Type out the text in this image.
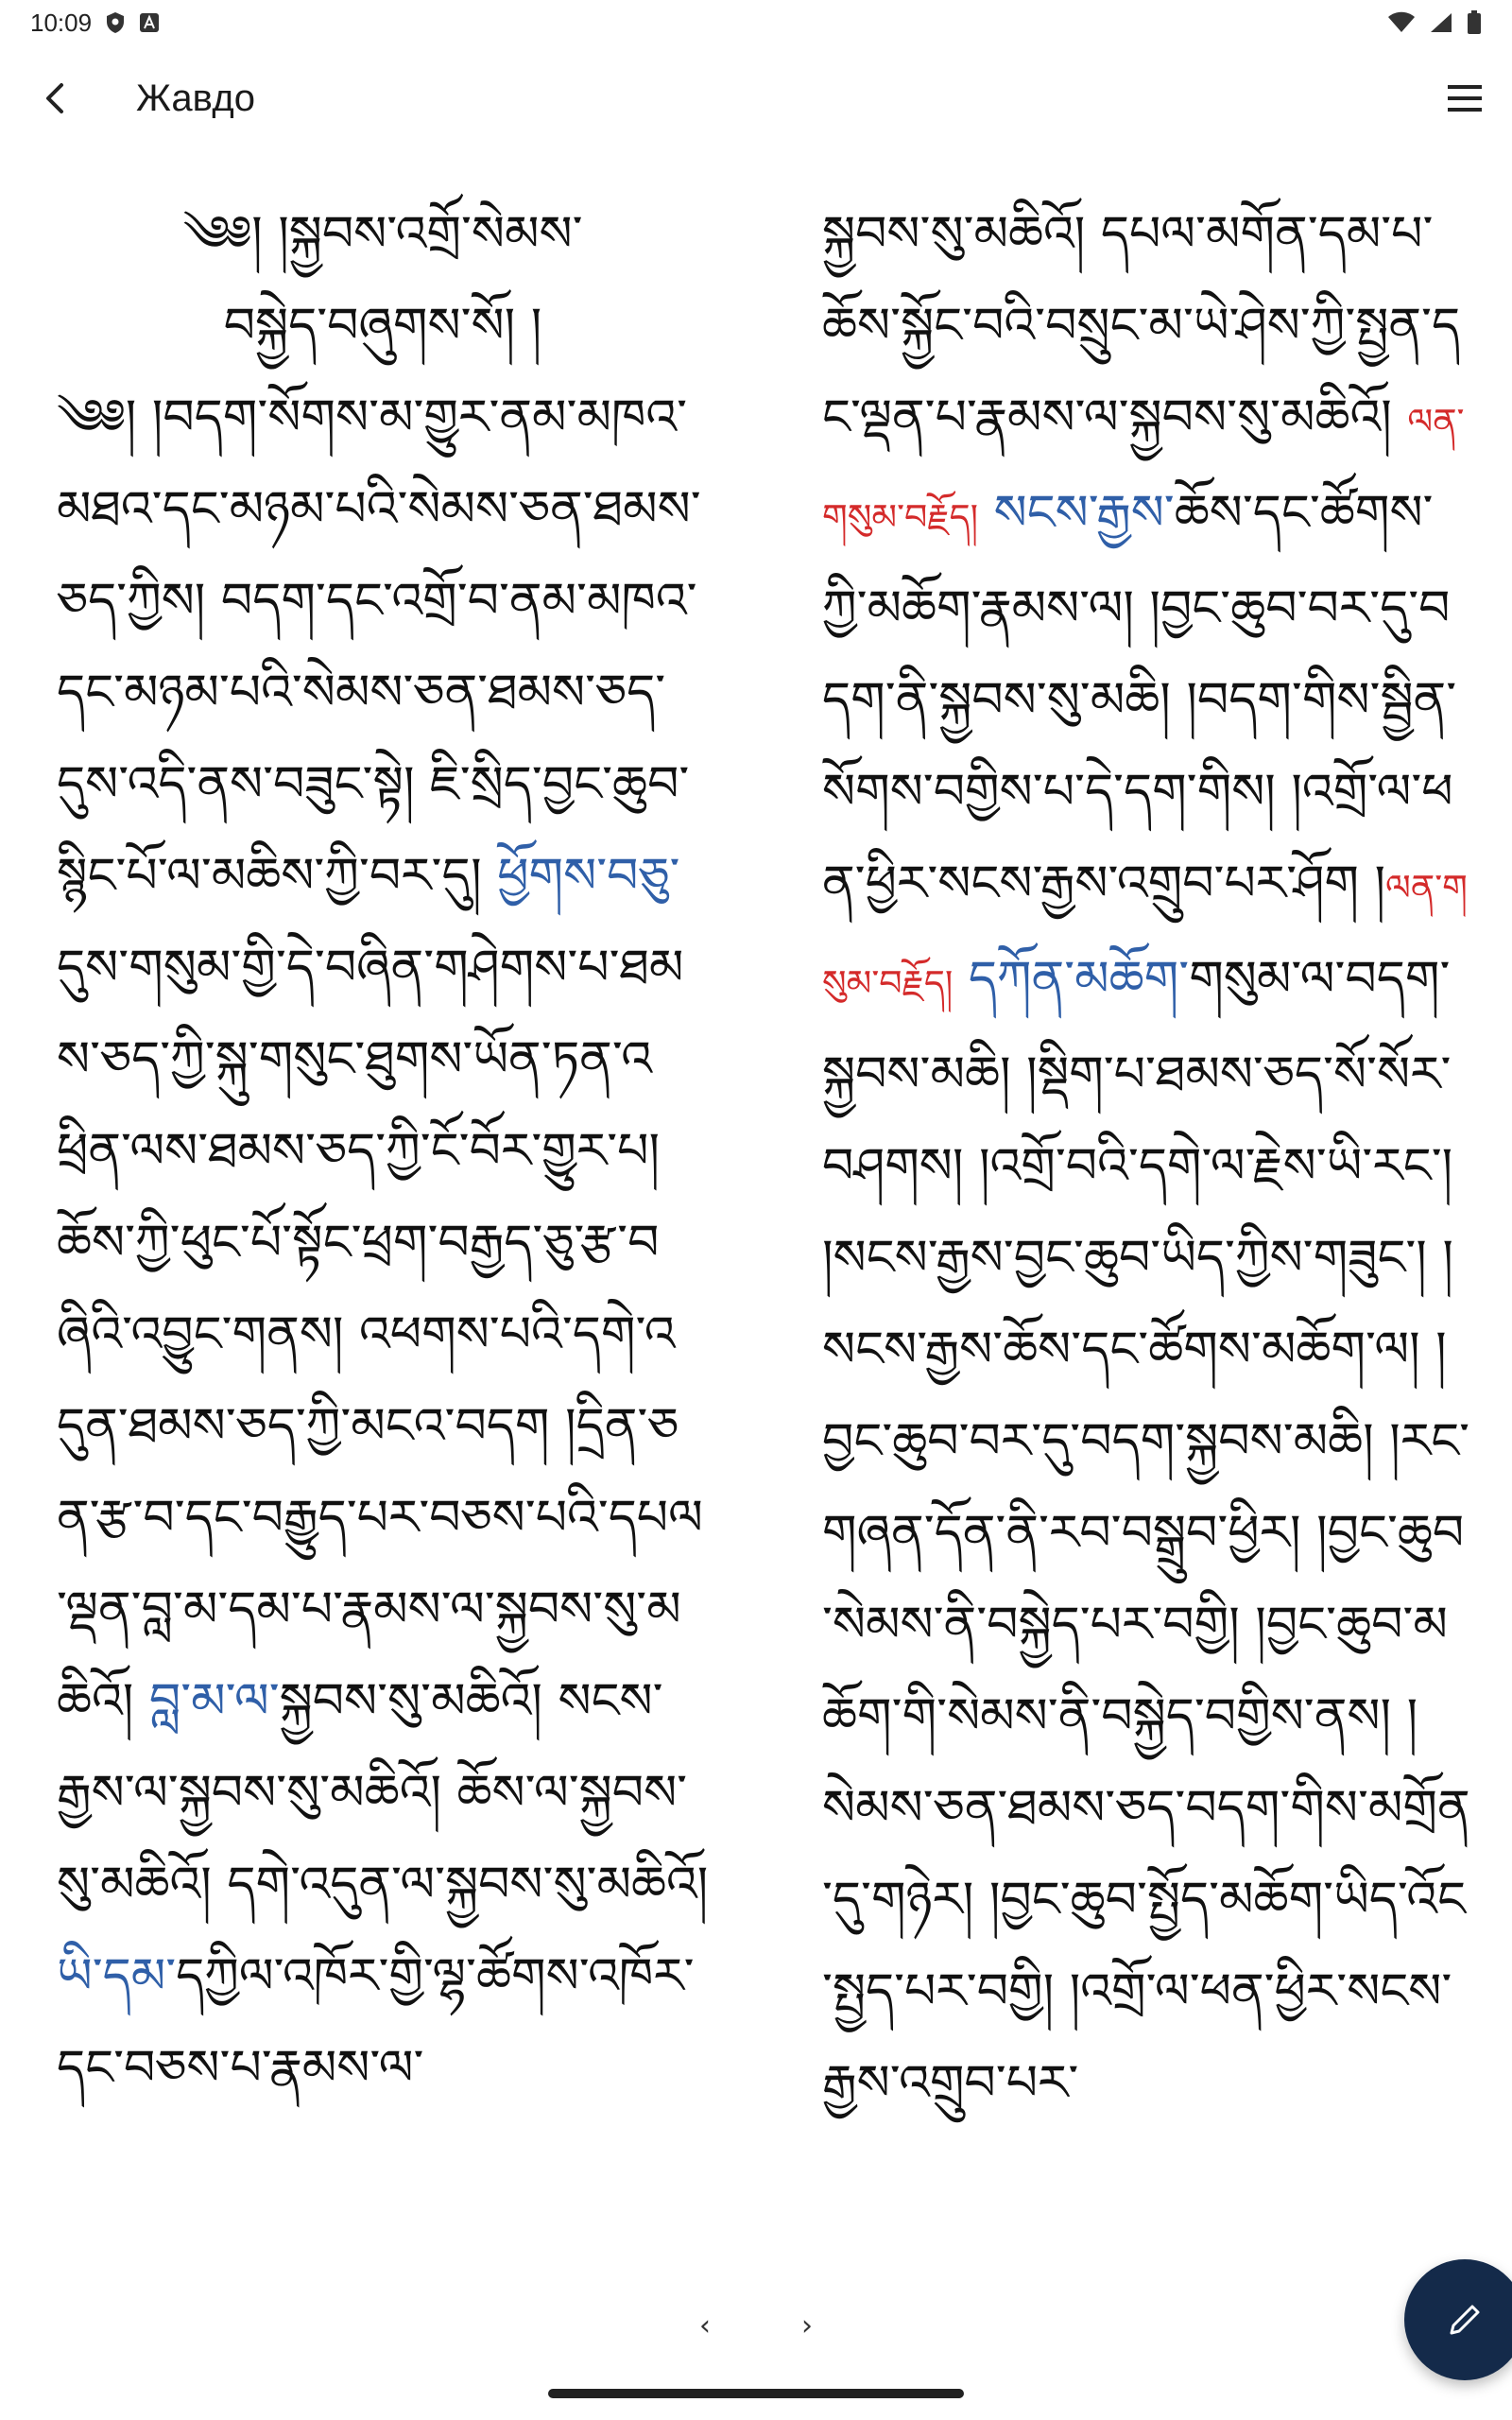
10:09
Жавдо

༄༅། །སྐྱབས་འགྲོ་སེམས་
བསྐྱེད་བཞུགས་སོ། །

༄༅། །བདག་སོགས་མ་གྱུར་ནམ་མཁའ་མཐའ་དང་མཉམ་པའི་སེམས་ཅན་ཐམས་ཅད་ཀྱིས། བདག་དང་འགྲོ་བ་ནམ་མཁའ་དང་མཉམ་པའི་སེམས་ཅན་ཐམས་ཅད་དུས་འདི་ནས་བཟུང་སྟེ། ཇི་སྲིད་བྱང་ཆུབ་སྙིང་པོ་ལ་མཆིས་ཀྱི་བར་དུ། ཕྱོགས་བཅུ་དུས་གསུམ་གྱི་དེ་བཞིན་གཤེགས་པ་ཐམས་ཅད་ཀྱི་སྐུ་གསུང་ཐུགས་ཡོན་ཏན་འཕྲིན་ལས་ཐམས་ཅད་ཀྱི་ངོ་བོར་གྱུར་པ། ཆོས་ཀྱི་ཕུང་པོ་སྟོང་ཕྲག་བརྒྱད་ཅུ་རྩ་བཞིའི་འབྱུང་གནས། འཕགས་པའི་དགེ་འདུན་ཐམས་ཅད་ཀྱི་མངའ་བདག །དྲིན་ཅན་རྩ་བ་དང་བརྒྱུད་པར་བཅས་པའི་དཔལ་ལྡན་བླ་མ་དམ་པ་རྣམས་ལ་སྐྱབས་སུ་མཆིའོ། བླ་མ་ལ་སྐྱབས་སུ་མཆིའོ། སངས་རྒྱས་ལ་སྐྱབས་སུ་མཆིའོ། ཆོས་ལ་སྐྱབས་སུ་མཆིའོ། དགེ་འདུན་ལ་སྐྱབས་སུ་མཆིའོ། ཡི་དམ་དཀྱིལ་འཁོར་གྱི་ལྷ་ཚོགས་འཁོར་དང་བཅས་པ་རྣམས་ལ་

སྐྱབས་སུ་མཆིའོ། དཔལ་མགོན་དམ་པ་ཆོས་སྐྱོང་བའི་བསྲུང་མ་ཡེ་ཤེས་ཀྱི་སྤྱན་དང་ལྡན་པ་རྣམས་ལ་སྐྱབས་སུ་མཆིའོ། ལན་གསུམ་བརྗོད། སངས་རྒྱས་ཆོས་དང་ཚོགས་ཀྱི་མཆོག་རྣམས་ལ། །བྱང་ཆུབ་བར་དུ་བདག་ནི་སྐྱབས་སུ་མཆི། །བདག་གིས་སྦྱིན་སོགས་བགྱིས་པ་དེ་དག་གིས། །འགྲོ་ལ་ཕན་ཕྱིར་སངས་རྒྱས་འགྲུབ་པར་ཤོག །ལན་གསུམ་བརྗོད། དཀོན་མཆོག་གསུམ་ལ་བདག་སྐྱབས་མཆི། །སྡིག་པ་ཐམས་ཅད་སོ་སོར་བཤགས། །འགྲོ་བའི་དགེ་ལ་རྗེས་ཡི་རང་། །སངས་རྒྱས་བྱང་ཆུབ་ཡིད་ཀྱིས་གཟུང་། །སངས་རྒྱས་ཆོས་དང་ཚོགས་མཆོག་ལ། །བྱང་ཆུབ་བར་དུ་བདག་སྐྱབས་མཆི། །རང་གཞན་དོན་ནི་རབ་བསྒྲུབ་ཕྱིར། །བྱང་ཆུབ་སེམས་ནི་བསྐྱེད་པར་བགྱི། །བྱང་ཆུབ་མཆོག་གི་སེམས་ནི་བསྐྱེད་བགྱིས་ནས། །སེམས་ཅན་ཐམས་ཅད་བདག་གིས་མགྲོན་དུ་གཉེར། །བྱང་ཆུབ་སྤྱོད་མཆོག་ཡིད་འོང་སྤྱད་པར་བགྱི། །འགྲོ་ལ་ཕན་ཕྱིར་སངས་རྒྱས་འགྲུབ་པར་

‹	›
